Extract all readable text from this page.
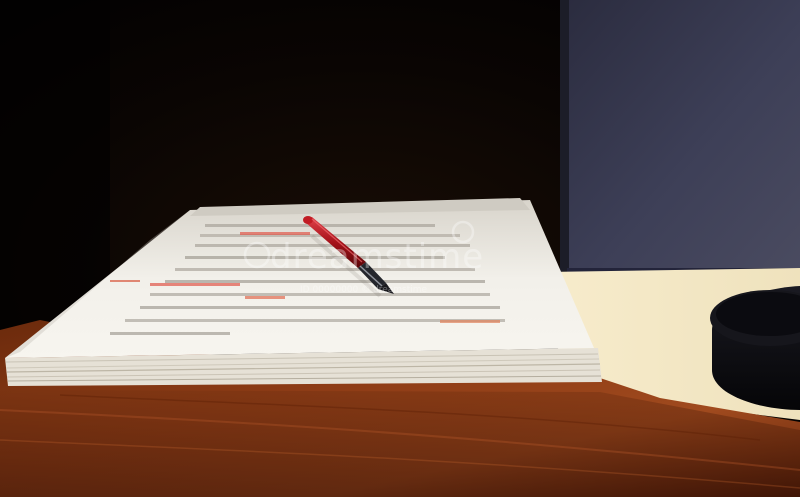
dreamstime
ID 00000000 © dreamstime
